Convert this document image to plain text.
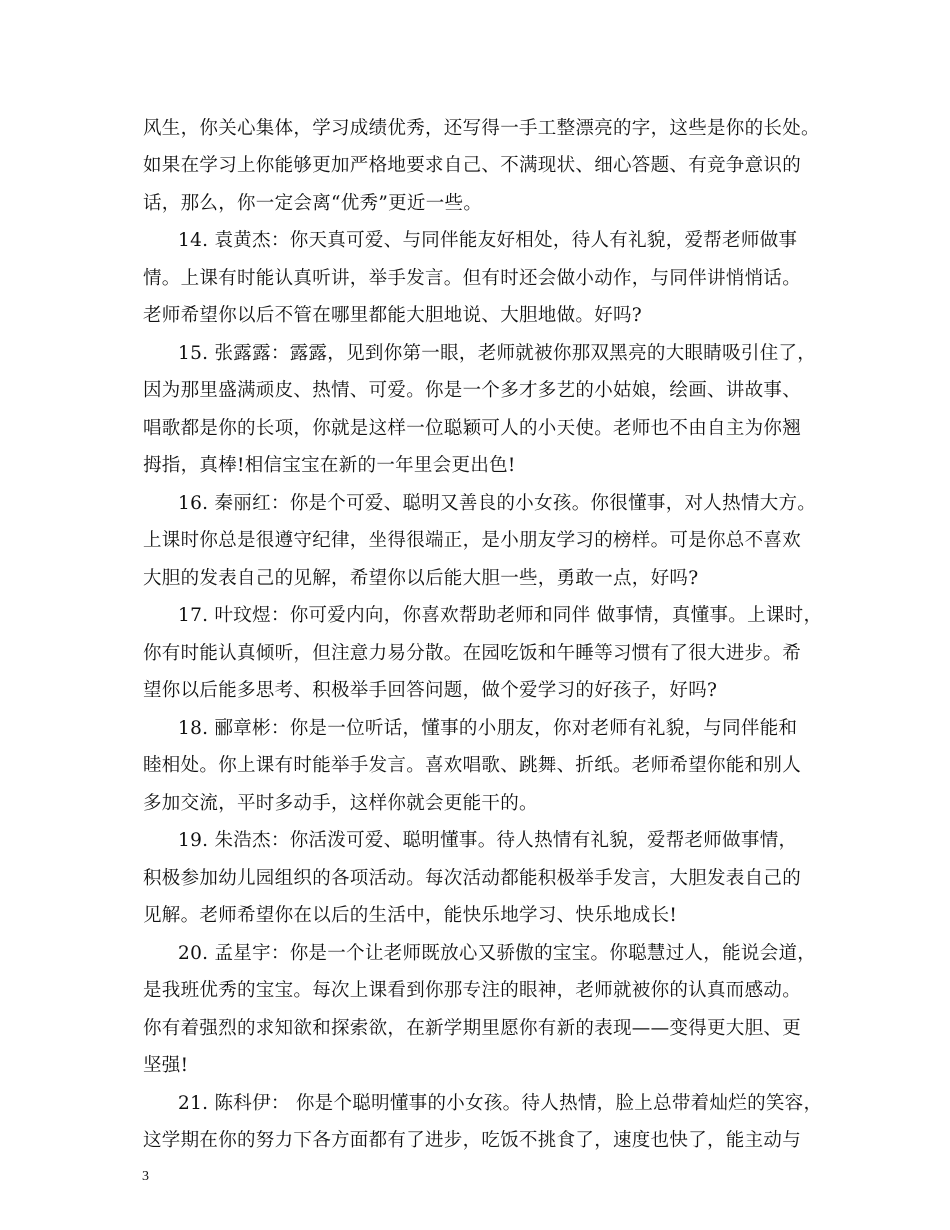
风生，你关心集体，学习成绩优秀，还写得一手工整漂亮的字，这些是你的长处。
如果在学习上你能够更加严格地要求自己、不满现状、细心答题、有竞争意识的
话，那么，你一定会离“优秀”更近一些。
14. 袁黄杰：你天真可爱、与同伴能友好相处，待人有礼貌，爱帮老师做事
情。上课有时能认真听讲，举手发言。但有时还会做小动作，与同伴讲悄悄话。
老师希望你以后不管在哪里都能大胆地说、大胆地做。好吗?
15. 张露露：露露，见到你第一眼，老师就被你那双黑亮的大眼睛吸引住了，
因为那里盛满顽皮、热情、可爱。你是一个多才多艺的小姑娘，绘画、讲故事、
唱歌都是你的长项，你就是这样一位聪颖可人的小天使。老师也不由自主为你翘
拇指，真棒!相信宝宝在新的一年里会更出色!
16. 秦丽红：你是个可爱、聪明又善良的小女孩。你很懂事，对人热情大方。
上课时你总是很遵守纪律，坐得很端正，是小朋友学习的榜样。可是你总不喜欢
大胆的发表自己的见解，希望你以后能大胆一些，勇敢一点，好吗?
17. 叶玟煜：你可爱内向，你喜欢帮助老师和同伴 做事情，真懂事。上课时，
你有时能认真倾听，但注意力易分散。在园吃饭和午睡等习惯有了很大进步。希
望你以后能多思考、积极举手回答问题，做个爱学习的好孩子，好吗?
18. 郦章彬：你是一位听话，懂事的小朋友，你对老师有礼貌，与同伴能和
睦相处。你上课有时能举手发言。喜欢唱歌、跳舞、折纸。老师希望你能和别人
多加交流，平时多动手，这样你就会更能干的。
19. 朱浩杰：你活泼可爱、聪明懂事。待人热情有礼貌，爱帮老师做事情，
积极参加幼儿园组织的各项活动。每次活动都能积极举手发言，大胆发表自己的
见解。老师希望你在以后的生活中，能快乐地学习、快乐地成长!
20. 孟星宇：你是一个让老师既放心又骄傲的宝宝。你聪慧过人，能说会道，
是我班优秀的宝宝。每次上课看到你那专注的眼神，老师就被你的认真而感动。
你有着强烈的求知欲和探索欲，在新学期里愿你有新的表现——变得更大胆、更
坚强!
21. 陈科伊： 你是个聪明懂事的小女孩。待人热情，脸上总带着灿烂的笑容，
这学期在你的努力下各方面都有了进步，吃饭不挑食了，速度也快了，能主动与
3
